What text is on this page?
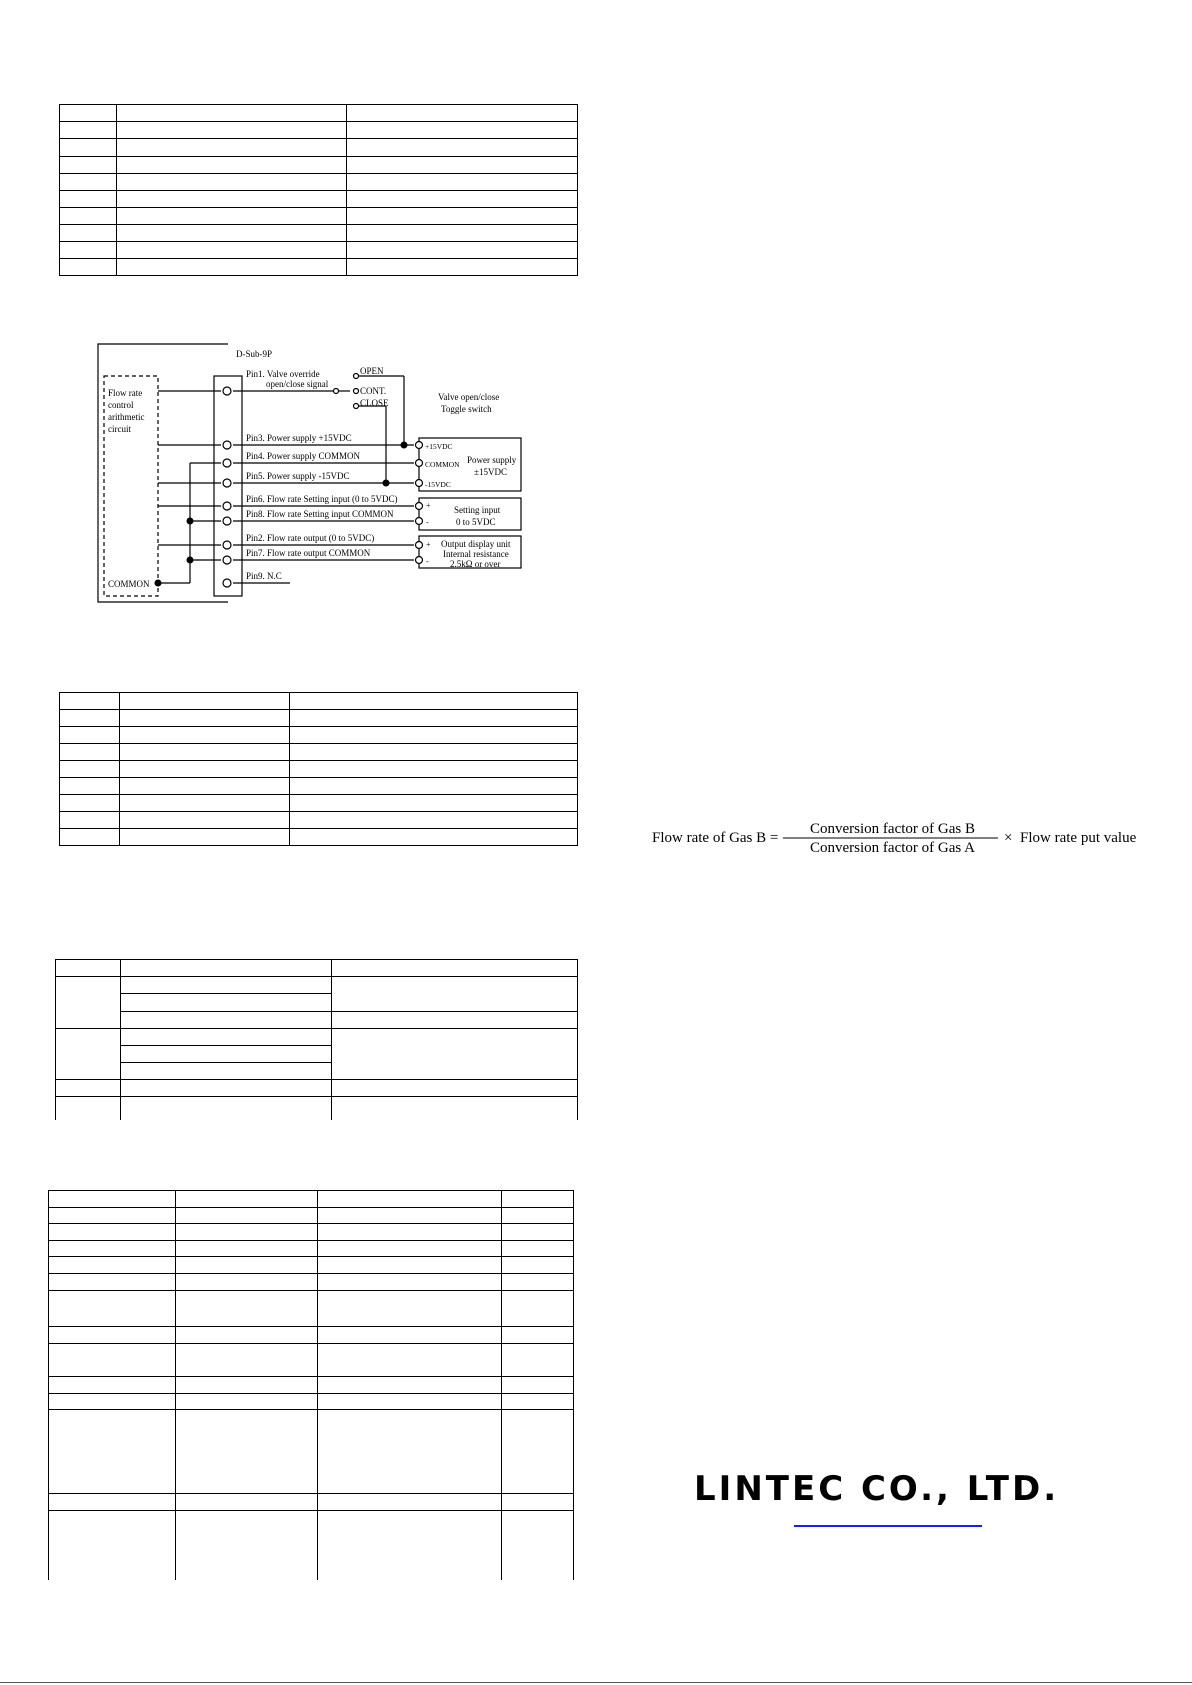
D-Sub-9P
Flow rate
control
arithmetic
circuit
COMMON
Pin1. Valve override
open/close signal
Pin3. Power supply +15VDC
Pin4. Power supply COMMON
Pin5. Power supply -15VDC
Pin6. Flow rate Setting input (0 to 5VDC)
Pin8. Flow rate Setting input COMMON
Pin2. Flow rate output (0 to 5VDC)
Pin7. Flow rate output COMMON
Pin9. N.C
OPEN
CONT.
CLOSE
Valve open/close
Toggle switch
+15VDC
COMMON
-15VDC
Power supply
±15VDC
+
-
Setting input
0 to 5VDC
+
-
Output display unit
Internal resistance
2.5kΩ or over
Flow rate of Gas B =
Conversion factor of Gas B
Conversion factor of Gas A
× Flow rate put value
LINTEC CO., LTD.
